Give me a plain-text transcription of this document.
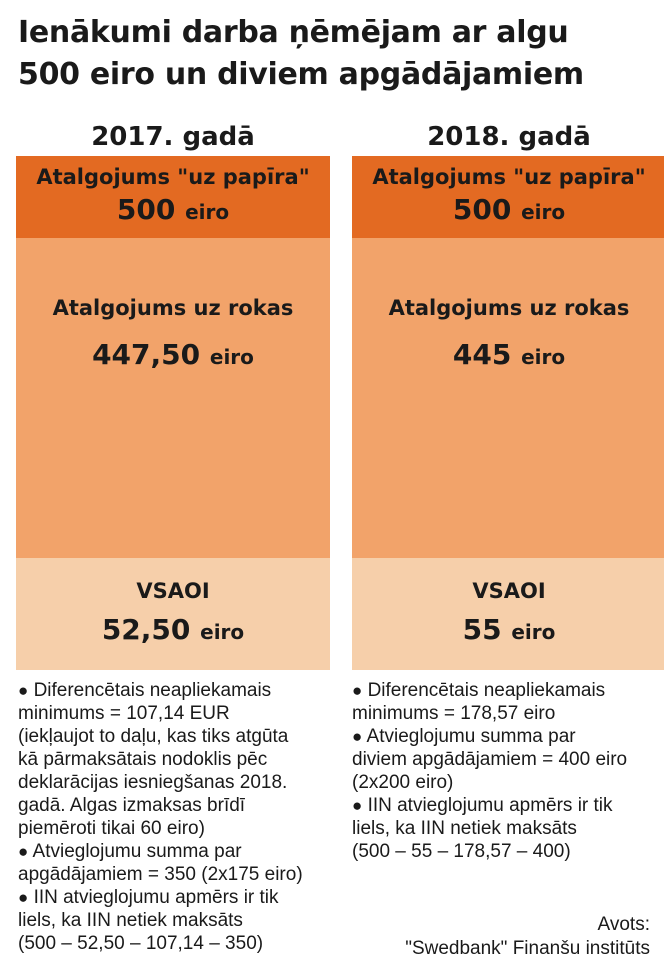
Ienākumi darba ņēmējam ar algu
500 eiro un diviem apgādājamiem
2017. gadā
Atalgojums "uz papīra"
500 eiro
Atalgojums uz rokas
447,50 eiro
VSAOI
52,50 eiro
2018. gadā
Atalgojums "uz papīra"
500 eiro
Atalgojums uz rokas
445 eiro
VSAOI
55 eiro
● Diferencētais neapliekamais
minimums = 107,14 EUR
(iekļaujot to daļu, kas tiks atgūta
kā pārmaksātais nodoklis pēc
deklarācijas iesniegšanas 2018.
gadā. Algas izmaksas brīdī
piemēroti tikai 60 eiro)
● Atvieglojumu summa par
apgādājamiem = 350 (2x175 eiro)
● IIN atvieglojumu apmērs ir tik
liels, ka IIN netiek maksāts
(500 – 52,50 – 107,14 – 350)
● Diferencētais neapliekamais
minimums = 178,57 eiro
● Atvieglojumu summa par
diviem apgādājamiem = 400 eiro
(2x200 eiro)
● IIN atvieglojumu apmērs ir tik
liels, ka IIN netiek maksāts
(500 – 55 – 178,57 – 400)
Avots:
"Swedbank" Finanšu institūts
